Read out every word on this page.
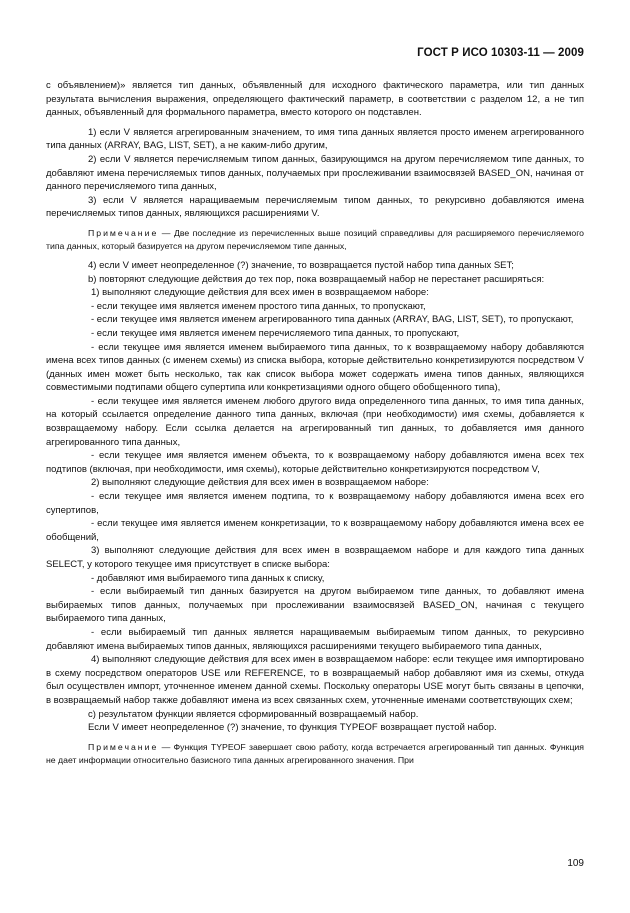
ГОСТ Р ИСО 10303-11 — 2009

с объявлением)» является тип данных, объявленный для исходного фактического параметра, или тип данных результата вычисления выражения, определяющего фактический параметр, в соответствии с разделом 12, а не тип данных, объявленный для формального параметра, вместо которого он подставлен.

1) если V является агрегированным значением, то имя типа данных является просто именем агрегированного типа данных (ARRAY, BAG, LIST, SET), а не каким-либо другим,

2) если V является перечисляемым типом данных, базирующимся на другом перечисляемом типе данных, то добавляют имена перечисляемых типов данных, получаемых при прослеживании взаимосвязей BASED_ON, начиная от данного перечисляемого типа данных,

3) если V является наращиваемым перечисляемым типом данных, то рекурсивно добавляются имена перечисляемых типов данных, являющихся расширениями V.

Примечание — Две последние из перечисленных выше позиций справедливы для расширяемого перечисляемого типа данных, который базируется на другом перечисляемом типе данных,

4) если V имеет неопределенное (?) значение, то возвращается пустой набор типа данных SET;

b) повторяют следующие действия до тех пор, пока возвращаемый набор не перестанет расширяться:

1) выполняют следующие действия для всех имен в возвращаемом наборе:

- если текущее имя является именем простого типа данных, то пропускают,

- если текущее имя является именем агрегированного типа данных (ARRAY, BAG, LIST, SET), то пропускают,

- если текущее имя является именем перечисляемого типа данных, то пропускают,

- если текущее имя является именем выбираемого типа данных, то к возвращаемому набору добавляются имена всех типов данных (с именем схемы) из списка выбора, которые действительно конкретизируются посредством V (данных имен может быть несколько, так как список выбора может содержать имена типов данных, являющихся совместимыми подтипами общего супертипа или конкретизациями одного общего обобщенного типа),

- если текущее имя является именем любого другого вида определенного типа данных, то имя типа данных, на который ссылается определение данного типа данных, включая (при необходимости) имя схемы, добавляется к возвращаемому набору. Если ссылка делается на агрегированный тип данных, то добавляется имя данного агрегированного типа данных,

- если текущее имя является именем объекта, то к возвращаемому набору добавляются имена всех тех подтипов (включая, при необходимости, имя схемы), которые действительно конкретизируются посредством V,

2) выполняют следующие действия для всех имен в возвращаемом наборе:

- если текущее имя является именем подтипа, то к возвращаемому набору добавляются имена всех его супертипов,

- если текущее имя является именем конкретизации, то к возвращаемому набору добавляются имена всех ее обобщений,

3) выполняют следующие действия для всех имен в возвращаемом наборе и для каждого типа данных SELECT, у которого текущее имя присутствует в списке выбора:

- добавляют имя выбираемого типа данных к списку,

- если выбираемый тип данных базируется на другом выбираемом типе данных, то добавляют имена выбираемых типов данных, получаемых при прослеживании взаимосвязей BASED_ON, начиная с текущего выбираемого типа данных,

- если выбираемый тип данных является наращиваемым выбираемым типом данных, то рекурсивно добавляют имена выбираемых типов данных, являющихся расширениями текущего выбираемого типа данных,

4) выполняют следующие действия для всех имен в возвращаемом наборе: если текущее имя импортировано в схему посредством операторов USE или REFERENCE, то в возвращаемый набор добавляют имя из схемы, откуда был осуществлен импорт, уточненное именем данной схемы. Поскольку операторы USE могут быть связаны в цепочки, в возвращаемый набор также добавляют имена из всех связанных схем, уточненные именами соответствующих схем;

с) результатом функции является сформированный возвращаемый набор.

Если V имеет неопределенное (?) значение, то функция TYPEOF возвращает пустой набор.

Примечание — Функция TYPEOF завершает свою работу, когда встречается агрегированный тип данных. Функция не дает информации относительно базисного типа данных агрегированного значения. При

109
